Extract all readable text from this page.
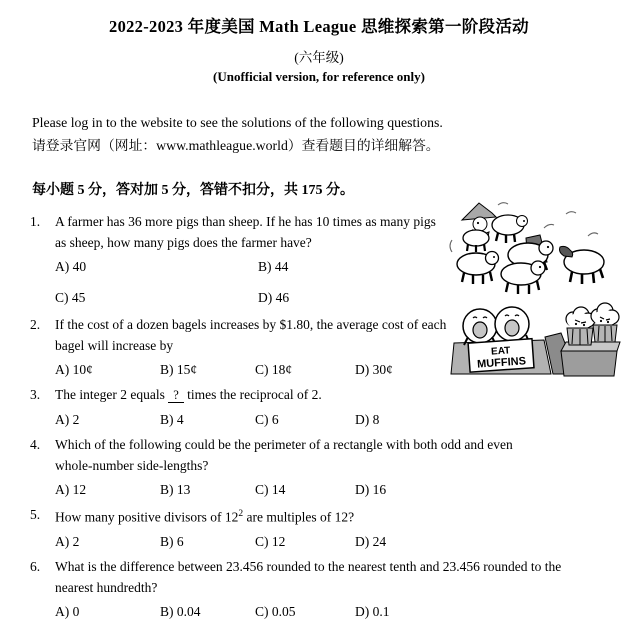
2022-2023 年度美国 Math League 思维探索第一阶段活动
(六年级)
(Unofficial version, for reference only)
Please log in to the website to see the solutions of the following questions.
请登录官网（网址：www.mathleague.world）查看题目的详细解答。
每小题 5 分，答对加 5 分，答错不扣分，共 175 分。
1.	A farmer has 36 more pigs than sheep. If he has 10 times as many pigs
as sheep, how many pigs does the farmer have?
A) 40	B) 44
C) 45	D) 46
2.	If the cost of a dozen bagels increases by $1.80, the average cost of each
bagel will increase by
A) 10¢	B) 15¢	C) 18¢	D) 30¢
3.	The integer 2 equals ? times the reciprocal of 2.
A) 2	B) 4	C) 6	D) 8
4.	Which of the following could be the perimeter of a rectangle with both odd and even
whole-number side-lengths?
A) 12	B) 13	C) 14	D) 16
5.	How many positive divisors of $12^2$ are multiples of 12?
A) 2	B) 6	C) 12	D) 24
6.	What is the difference between 23.456 rounded to the nearest tenth and 23.456 rounded to the
nearest hundredth?
A) 0	B) 0.04	C) 0.05	D) 0.1
EAT
MUFFINS
